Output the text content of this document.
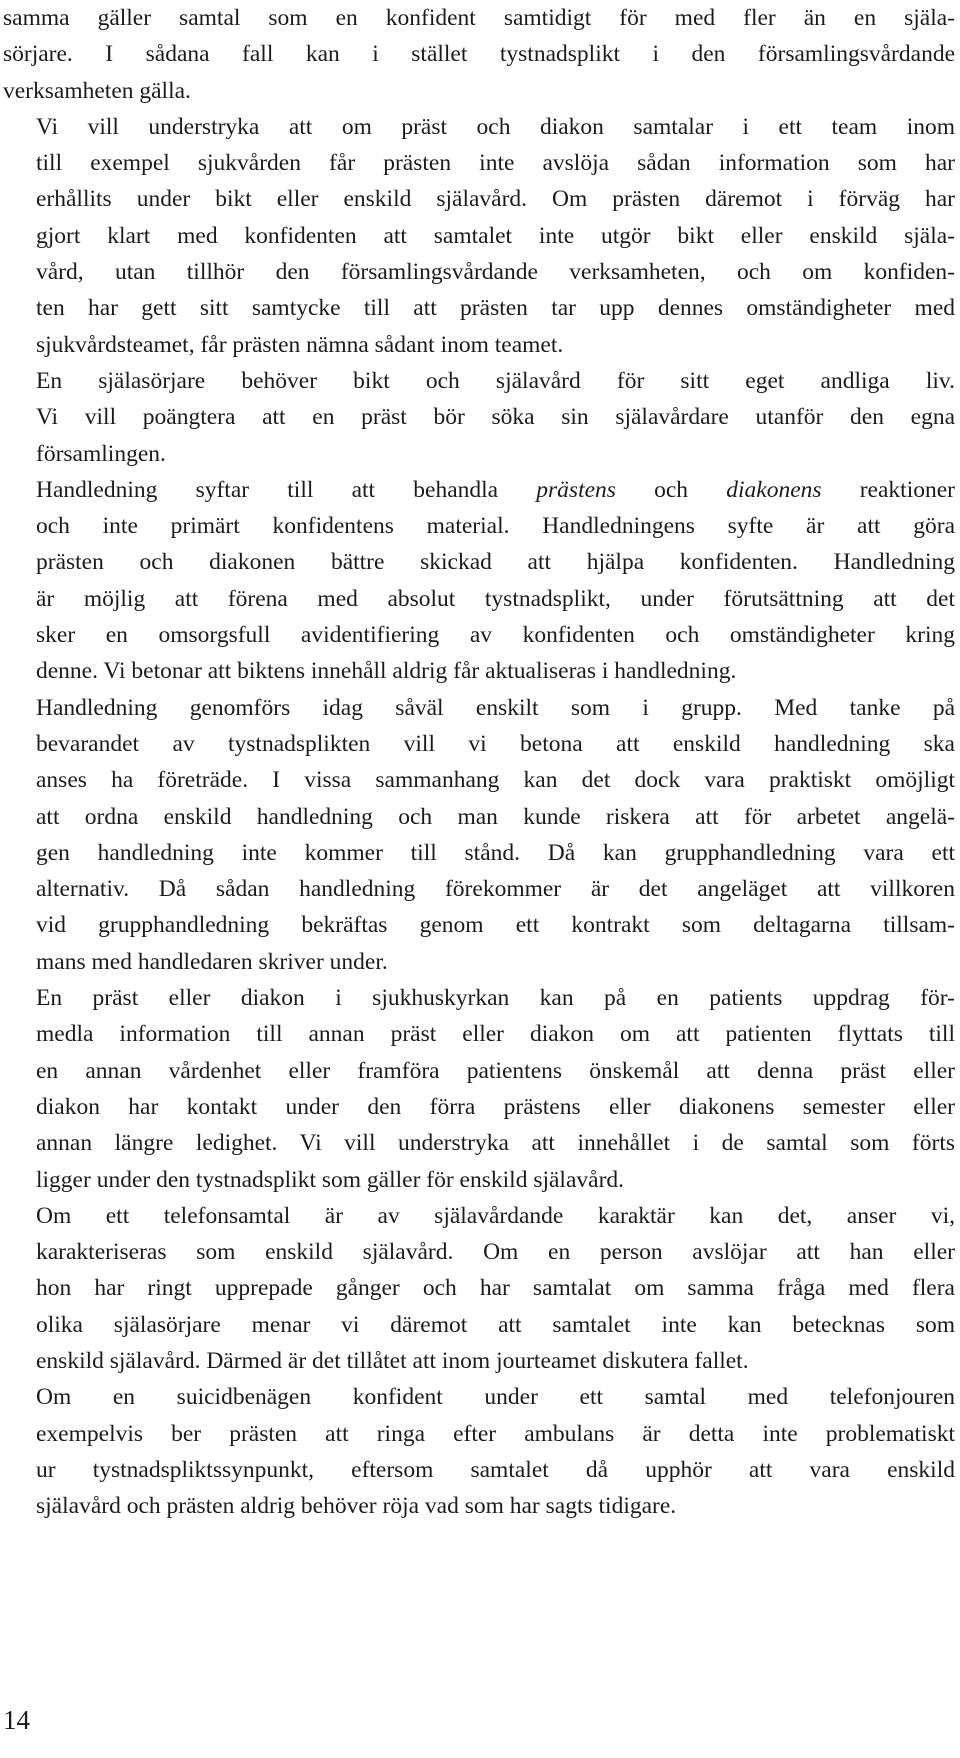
samma gäller samtal som en konfident samtidigt för med fler än en själa-
sörjare. I sådana fall kan i stället tystnadsplikt i den församlingsvårdande
verksamheten gälla.

Vi vill understryka att om präst och diakon samtalar i ett team inom
till exempel sjukvården får prästen inte avslöja sådan information som har
erhållits under bikt eller enskild själavård. Om prästen däremot i förväg har
gjort klart med konfidenten att samtalet inte utgör bikt eller enskild själa-
vård, utan tillhör den församlingsvårdande verksamheten, och om konfiden-
ten har gett sitt samtycke till att prästen tar upp dennes omständigheter med
sjukvårdsteamet, får prästen nämna sådant inom teamet.

En själasörjare behöver bikt och själavård för sitt eget andliga liv.
Vi vill poängtera att en präst bör söka sin själavårdare utanför den egna
församlingen.

Handledning syftar till att behandla prästens och diakonens reaktioner
och inte primärt konfidentens material. Handledningens syfte är att göra
prästen och diakonen bättre skickad att hjälpa konfidenten. Handledning
är möjlig att förena med absolut tystnadsplikt, under förutsättning att det
sker en omsorgsfull avidentifiering av konfidenten och omständigheter kring
denne. Vi betonar att biktens innehåll aldrig får aktualiseras i handledning.

Handledning genomförs idag såväl enskilt som i grupp. Med tanke på
bevarandet av tystnadsplikten vill vi betona att enskild handledning ska
anses ha företräde. I vissa sammanhang kan det dock vara praktiskt omöjligt
att ordna enskild handledning och man kunde riskera att för arbetet angelä-
gen handledning inte kommer till stånd. Då kan grupphandledning vara ett
alternativ. Då sådan handledning förekommer är det angeläget att villkoren
vid grupphandledning bekräftas genom ett kontrakt som deltagarna tillsam-
mans med handledaren skriver under.

En präst eller diakon i sjukhuskyrkan kan på en patients uppdrag för-
medla information till annan präst eller diakon om att patienten flyttats till
en annan vårdenhet eller framföra patientens önskemål att denna präst eller
diakon har kontakt under den förra prästens eller diakonens semester eller
annan längre ledighet. Vi vill understryka att innehållet i de samtal som förts
ligger under den tystnadsplikt som gäller för enskild själavård.

Om ett telefonsamtal är av själavårdande karaktär kan det, anser vi,
karakteriseras som enskild själavård. Om en person avslöjar att han eller
hon har ringt upprepade gånger och har samtalat om samma fråga med flera
olika själasörjare menar vi däremot att samtalet inte kan betecknas som
enskild själavård. Därmed är det tillåtet att inom jourteamet diskutera fallet.

Om en suicidbenägen konfident under ett samtal med telefonjouren
exempelvis ber prästen att ringa efter ambulans är detta inte problematiskt
ur tystnadspliktssynpunkt, eftersom samtalet då upphör att vara enskild
själavård och prästen aldrig behöver röja vad som har sagts tidigare.

14
